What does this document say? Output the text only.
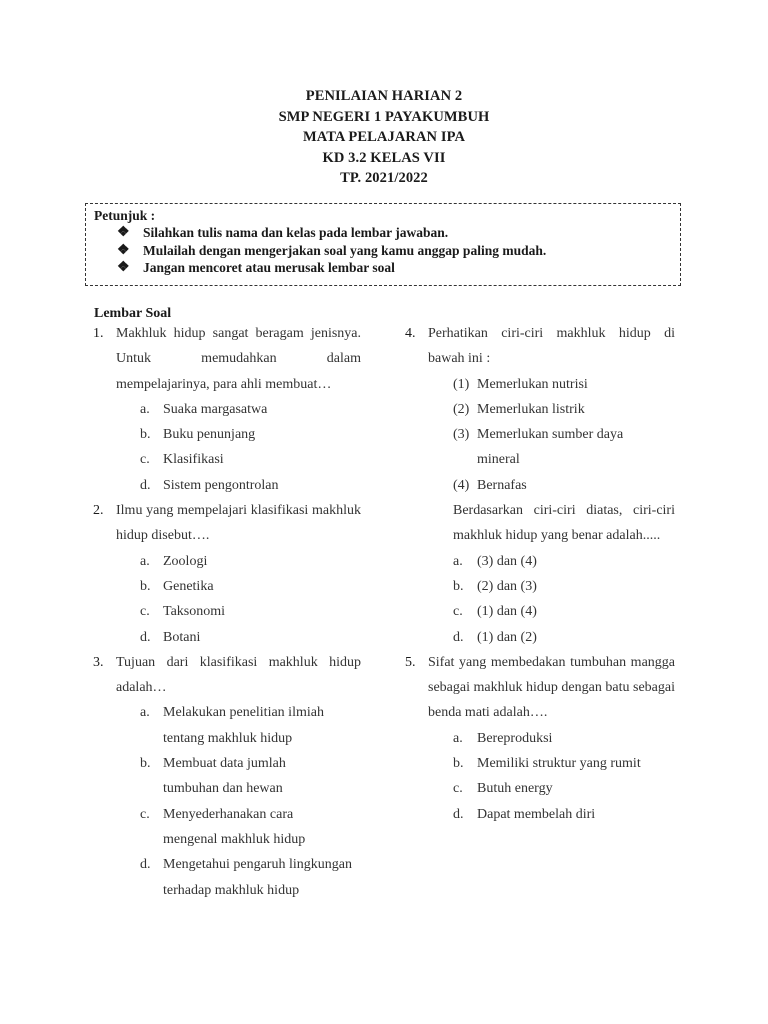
PENILAIAN HARIAN 2
SMP NEGERI 1 PAYAKUMBUH
MATA PELAJARAN IPA
KD 3.2 KELAS VII
TP. 2021/2022
Petunjuk :
❖ Silahkan tulis nama dan kelas pada lembar jawaban.
❖ Mulailah dengan mengerjakan soal yang kamu anggap paling mudah.
❖ Jangan mencoret atau merusak lembar soal
Lembar Soal
1. Makhluk hidup sangat beragam jenisnya. Untuk memudahkan dalam mempelajarinya, para ahli membuat…
a. Suaka margasatwa
b. Buku penunjang
c. Klasifikasi
d. Sistem pengontrolan
2. Ilmu yang mempelajari klasifikasi makhluk hidup disebut….
a. Zoologi
b. Genetika
c. Taksonomi
d. Botani
3. Tujuan dari klasifikasi makhluk hidup adalah…
a. Melakukan penelitian ilmiah tentang makhluk hidup
b. Membuat data jumlah tumbuhan dan hewan
c. Menyederhanakan cara mengenal makhluk hidup
d. Mengetahui pengaruh lingkungan terhadap makhluk hidup
4. Perhatikan ciri-ciri makhluk hidup di bawah ini :
(1) Memerlukan nutrisi
(2) Memerlukan listrik
(3) Memerlukan sumber daya mineral
(4) Bernafas
Berdasarkan ciri-ciri diatas, ciri-ciri makhluk hidup yang benar adalah.....
a.	(3) dan (4)
b. (2) dan (3)
c.	(1) dan (4)
d. (1) dan (2)
5. Sifat yang membedakan tumbuhan mangga sebagai makhluk hidup dengan batu sebagai benda mati adalah….
a.	Bereproduksi
b. Memiliki struktur yang rumit
c.	Butuh energy
d. Dapat membelah diri
